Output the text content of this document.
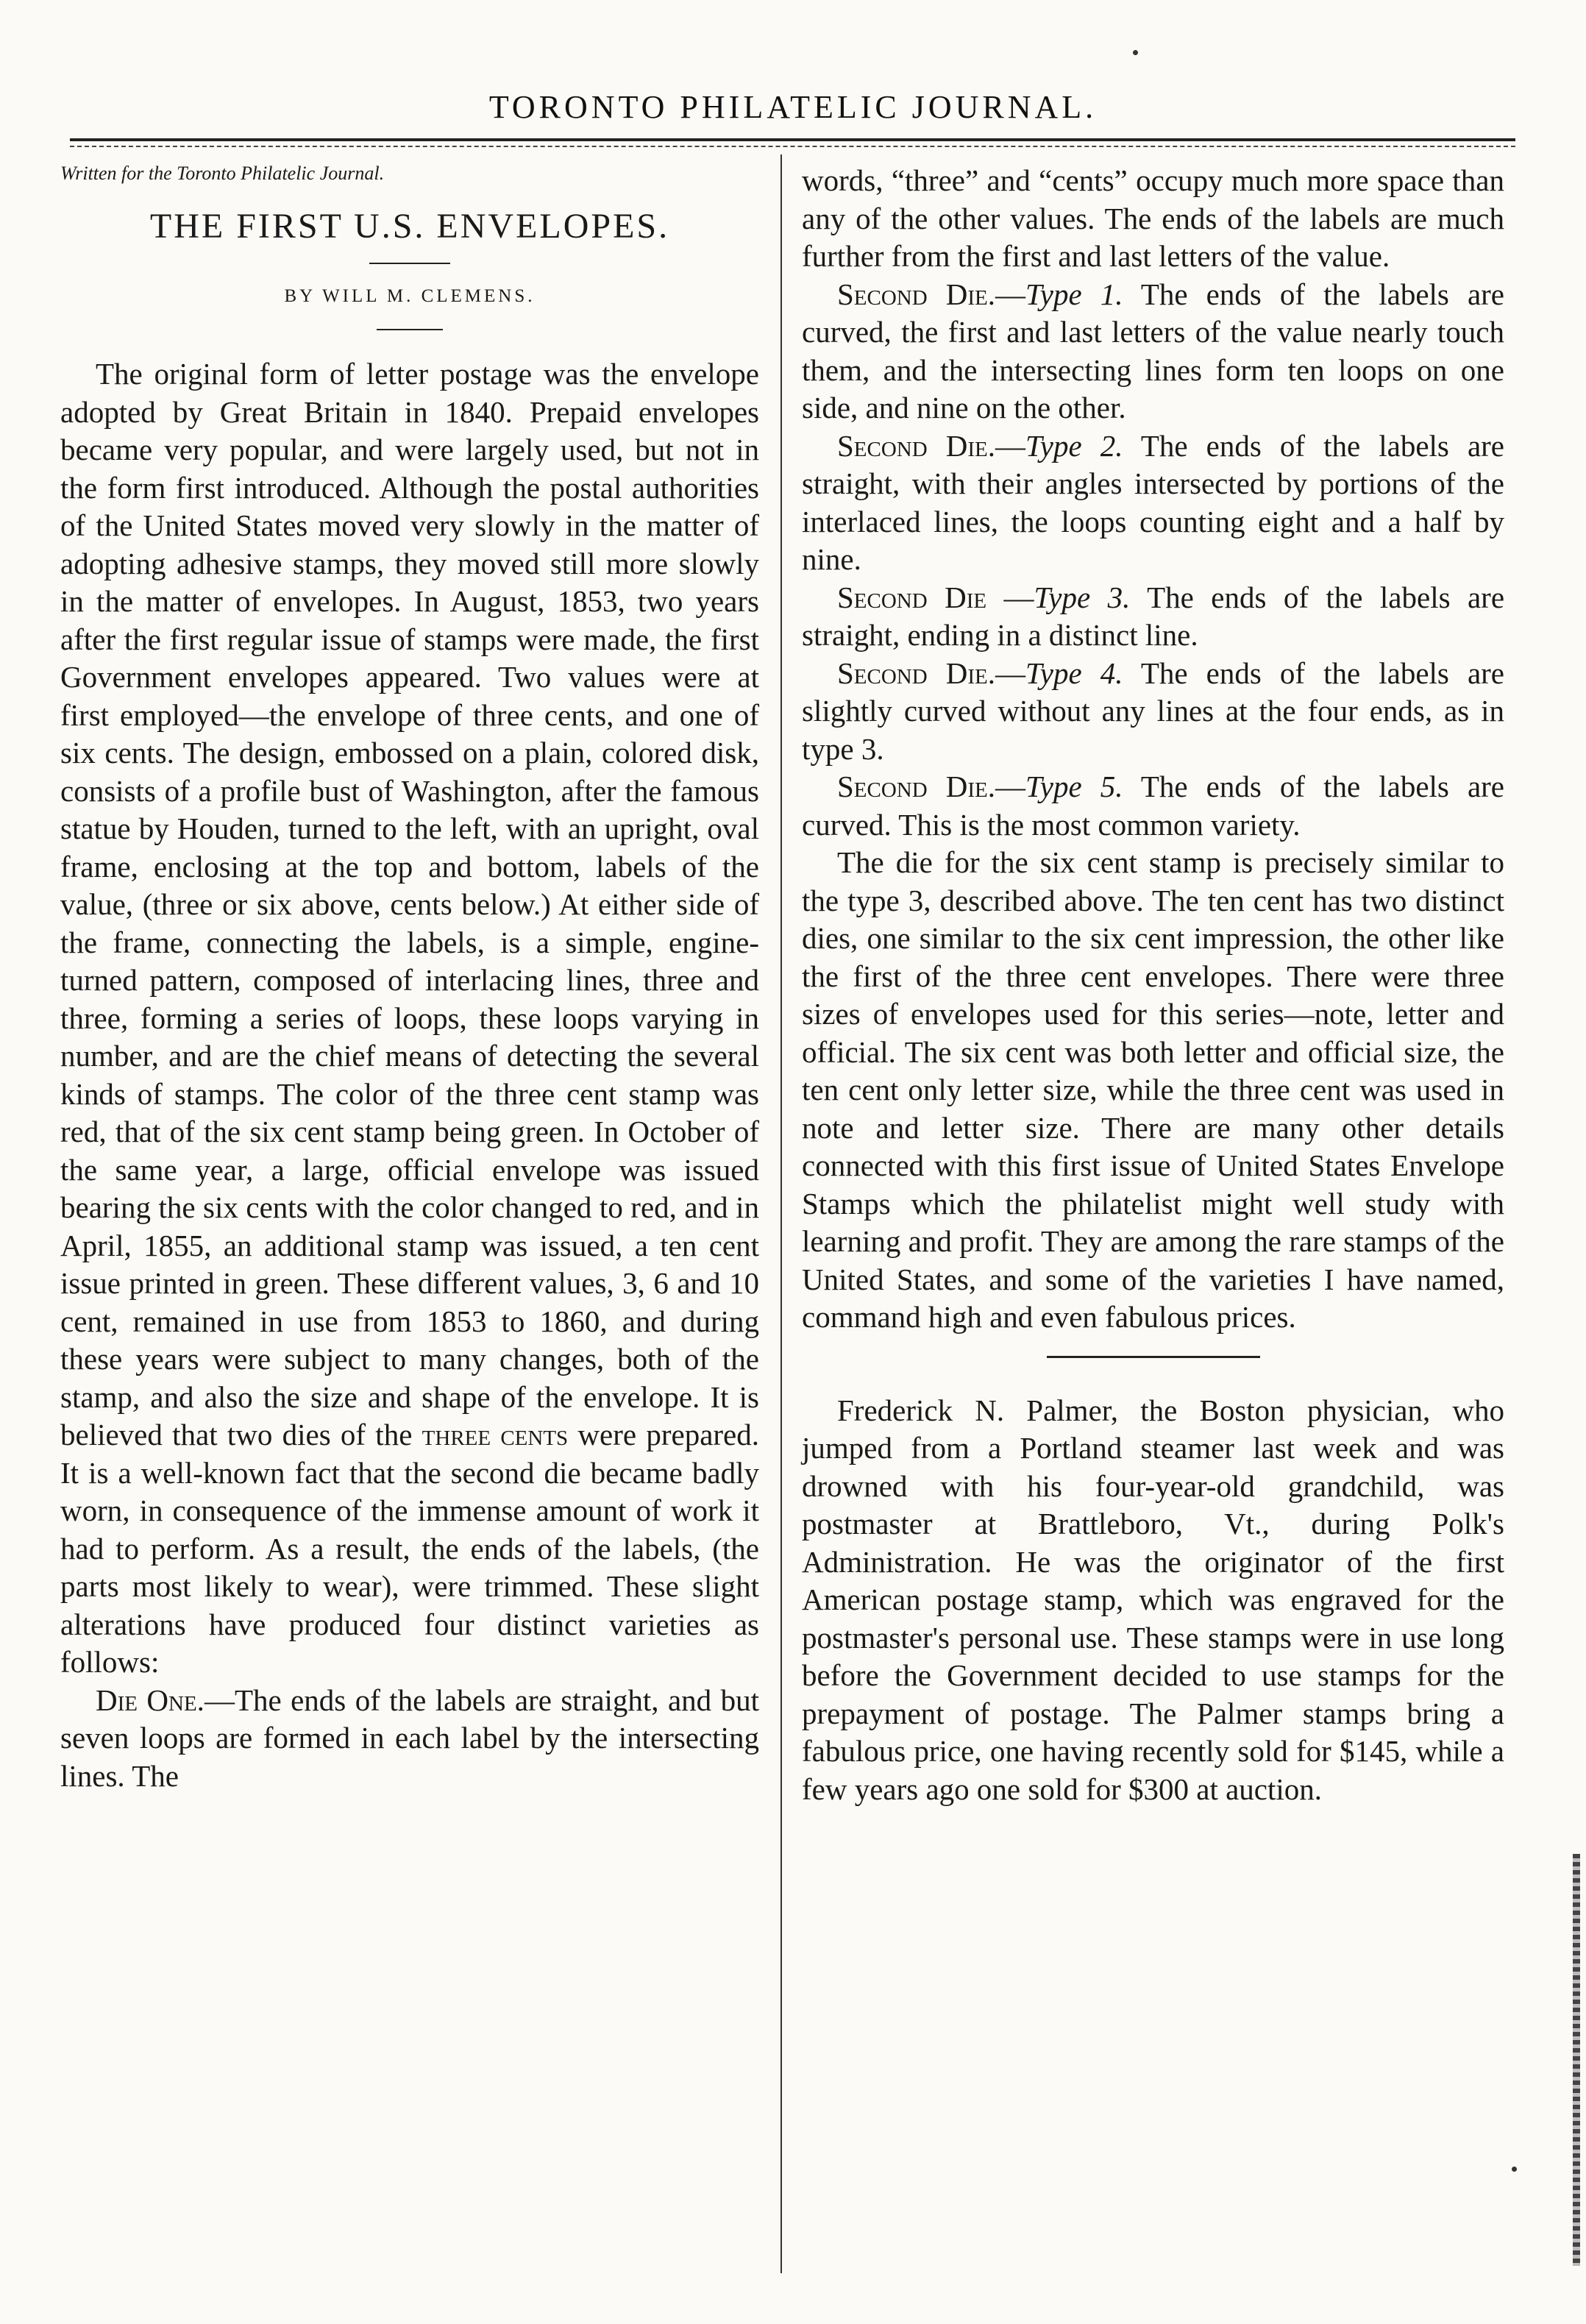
TORONTO PHILATELIC JOURNAL.
Written for the Toronto Philatelic Journal.
THE FIRST U.S. ENVELOPES.
BY WILL M. CLEMENS.

The original form of letter postage was the envelope adopted by Great Britain in 1840. Prepaid envelopes became very popular, and were largely used, but not in the form first introduced. Although the postal authorities of the United States moved very slowly in the matter of adopting adhesive stamps, they moved still more slowly in the matter of envelopes. In August, 1853, two years after the first regular issue of stamps were made, the first Government envelopes appeared. Two values were at first employed—the envelope of three cents, and one of six cents. The design, embossed on a plain, colored disk, consists of a profile bust of Washington, after the famous statue by Houden, turned to the left, with an upright, oval frame, enclosing at the top and bottom, labels of the value, (three or six above, cents below.) At either side of the frame, connecting the labels, is a simple, engine-turned pattern, composed of interlacing lines, three and three, forming a series of loops, these loops varying in number, and are the chief means of detecting the several kinds of stamps. The color of the three cent stamp was red, that of the six cent stamp being green. In October of the same year, a large, official envelope was issued bearing the six cents with the color changed to red, and in April, 1855, an additional stamp was issued, a ten cent issue printed in green. These different values, 3, 6 and 10 cent, remained in use from 1853 to 1860, and during these years were subject to many changes, both of the stamp, and also the size and shape of the envelope. It is believed that two dies of the three cents were prepared. It is a well-known fact that the second die became badly worn, in consequence of the immense amount of work it had to perform. As a result, the ends of the labels, (the parts most likely to wear), were trimmed. These slight alterations have produced four distinct varieties as follows:

Die One.—The ends of the labels are straight, and but seven loops are formed in each label by the intersecting lines. The

words, “three” and “cents” occupy much more space than any of the other values. The ends of the labels are much further from the first and last letters of the value.

Second Die.—Type 1. The ends of the labels are curved, the first and last letters of the value nearly touch them, and the intersecting lines form ten loops on one side, and nine on the other.

Second Die.—Type 2. The ends of the labels are straight, with their angles intersected by portions of the interlaced lines, the loops counting eight and a half by nine.

Second Die —Type 3. The ends of the labels are straight, ending in a distinct line.

Second Die.—Type 4. The ends of the labels are slightly curved without any lines at the four ends, as in type 3.

Second Die.—Type 5. The ends of the labels are curved. This is the most common variety.

The die for the six cent stamp is precisely similar to the type 3, described above. The ten cent has two distinct dies, one similar to the six cent impression, the other like the first of the three cent envelopes. There were three sizes of envelopes used for this series—note, letter and official. The six cent was both letter and official size, the ten cent only letter size, while the three cent was used in note and letter size. There are many other details connected with this first issue of United States Envelope Stamps which the philatelist might well study with learning and profit. They are among the rare stamps of the United States, and some of the varieties I have named, command high and even fabulous prices.

Frederick N. Palmer, the Boston physician, who jumped from a Portland steamer last week and was drowned with his four-year-old grandchild, was postmaster at Brattleboro, Vt., during Polk's Administration. He was the originator of the first American postage stamp, which was engraved for the postmaster's personal use. These stamps were in use long before the Government decided to use stamps for the prepayment of postage. The Palmer stamps bring a fabulous price, one having recently sold for $145, while a few years ago one sold for $300 at auction.
